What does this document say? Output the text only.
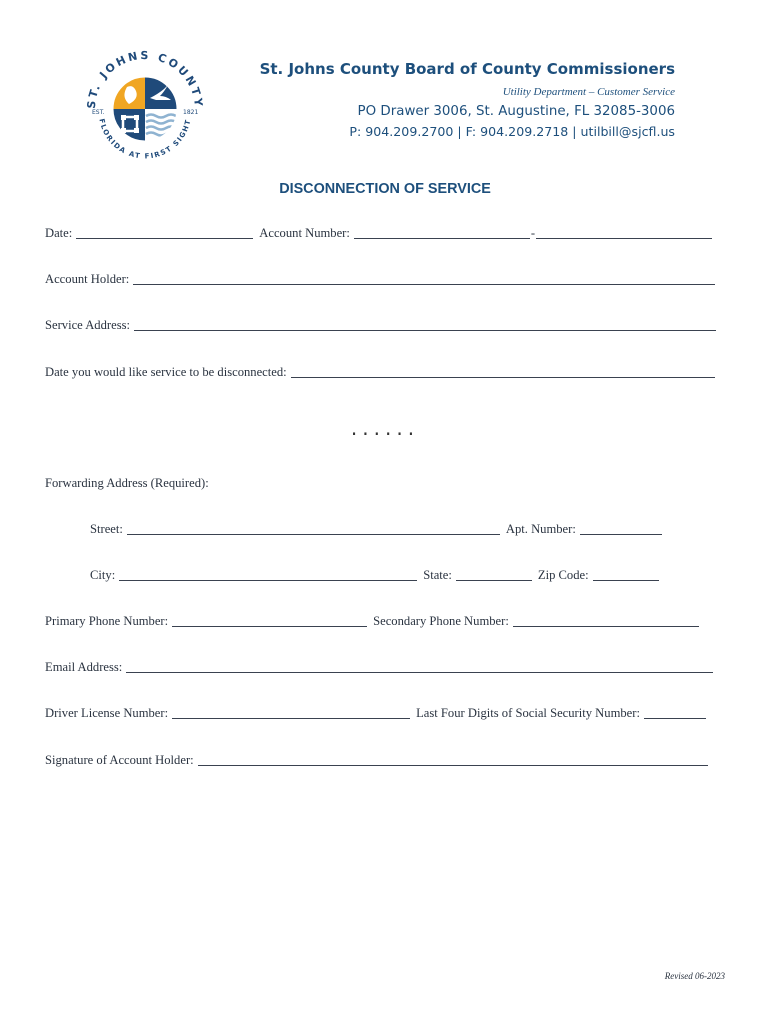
ST. JOHNS COUNTY
FLORIDA AT FIRST SIGHT
EST.	1821
St. Johns County Board of County Commissioners
Utility Department – Customer Service
PO Drawer 3006, St. Augustine, FL 32085-3006
P: 904.209.2700 | F: 904.209.2718 | utilbill@sjcfl.us
DISCONNECTION OF SERVICE
Date:	Account Number:	-
Account Holder:
Service Address:
Date you would like service to be disconnected:
......
Forwarding Address (Required):
Street:	Apt. Number:
City:	State:	Zip Code:
Primary Phone Number:	Secondary Phone Number:
Email Address:
Driver License Number:	Last Four Digits of Social Security Number:
Signature of Account Holder:
Revised 06-2023
